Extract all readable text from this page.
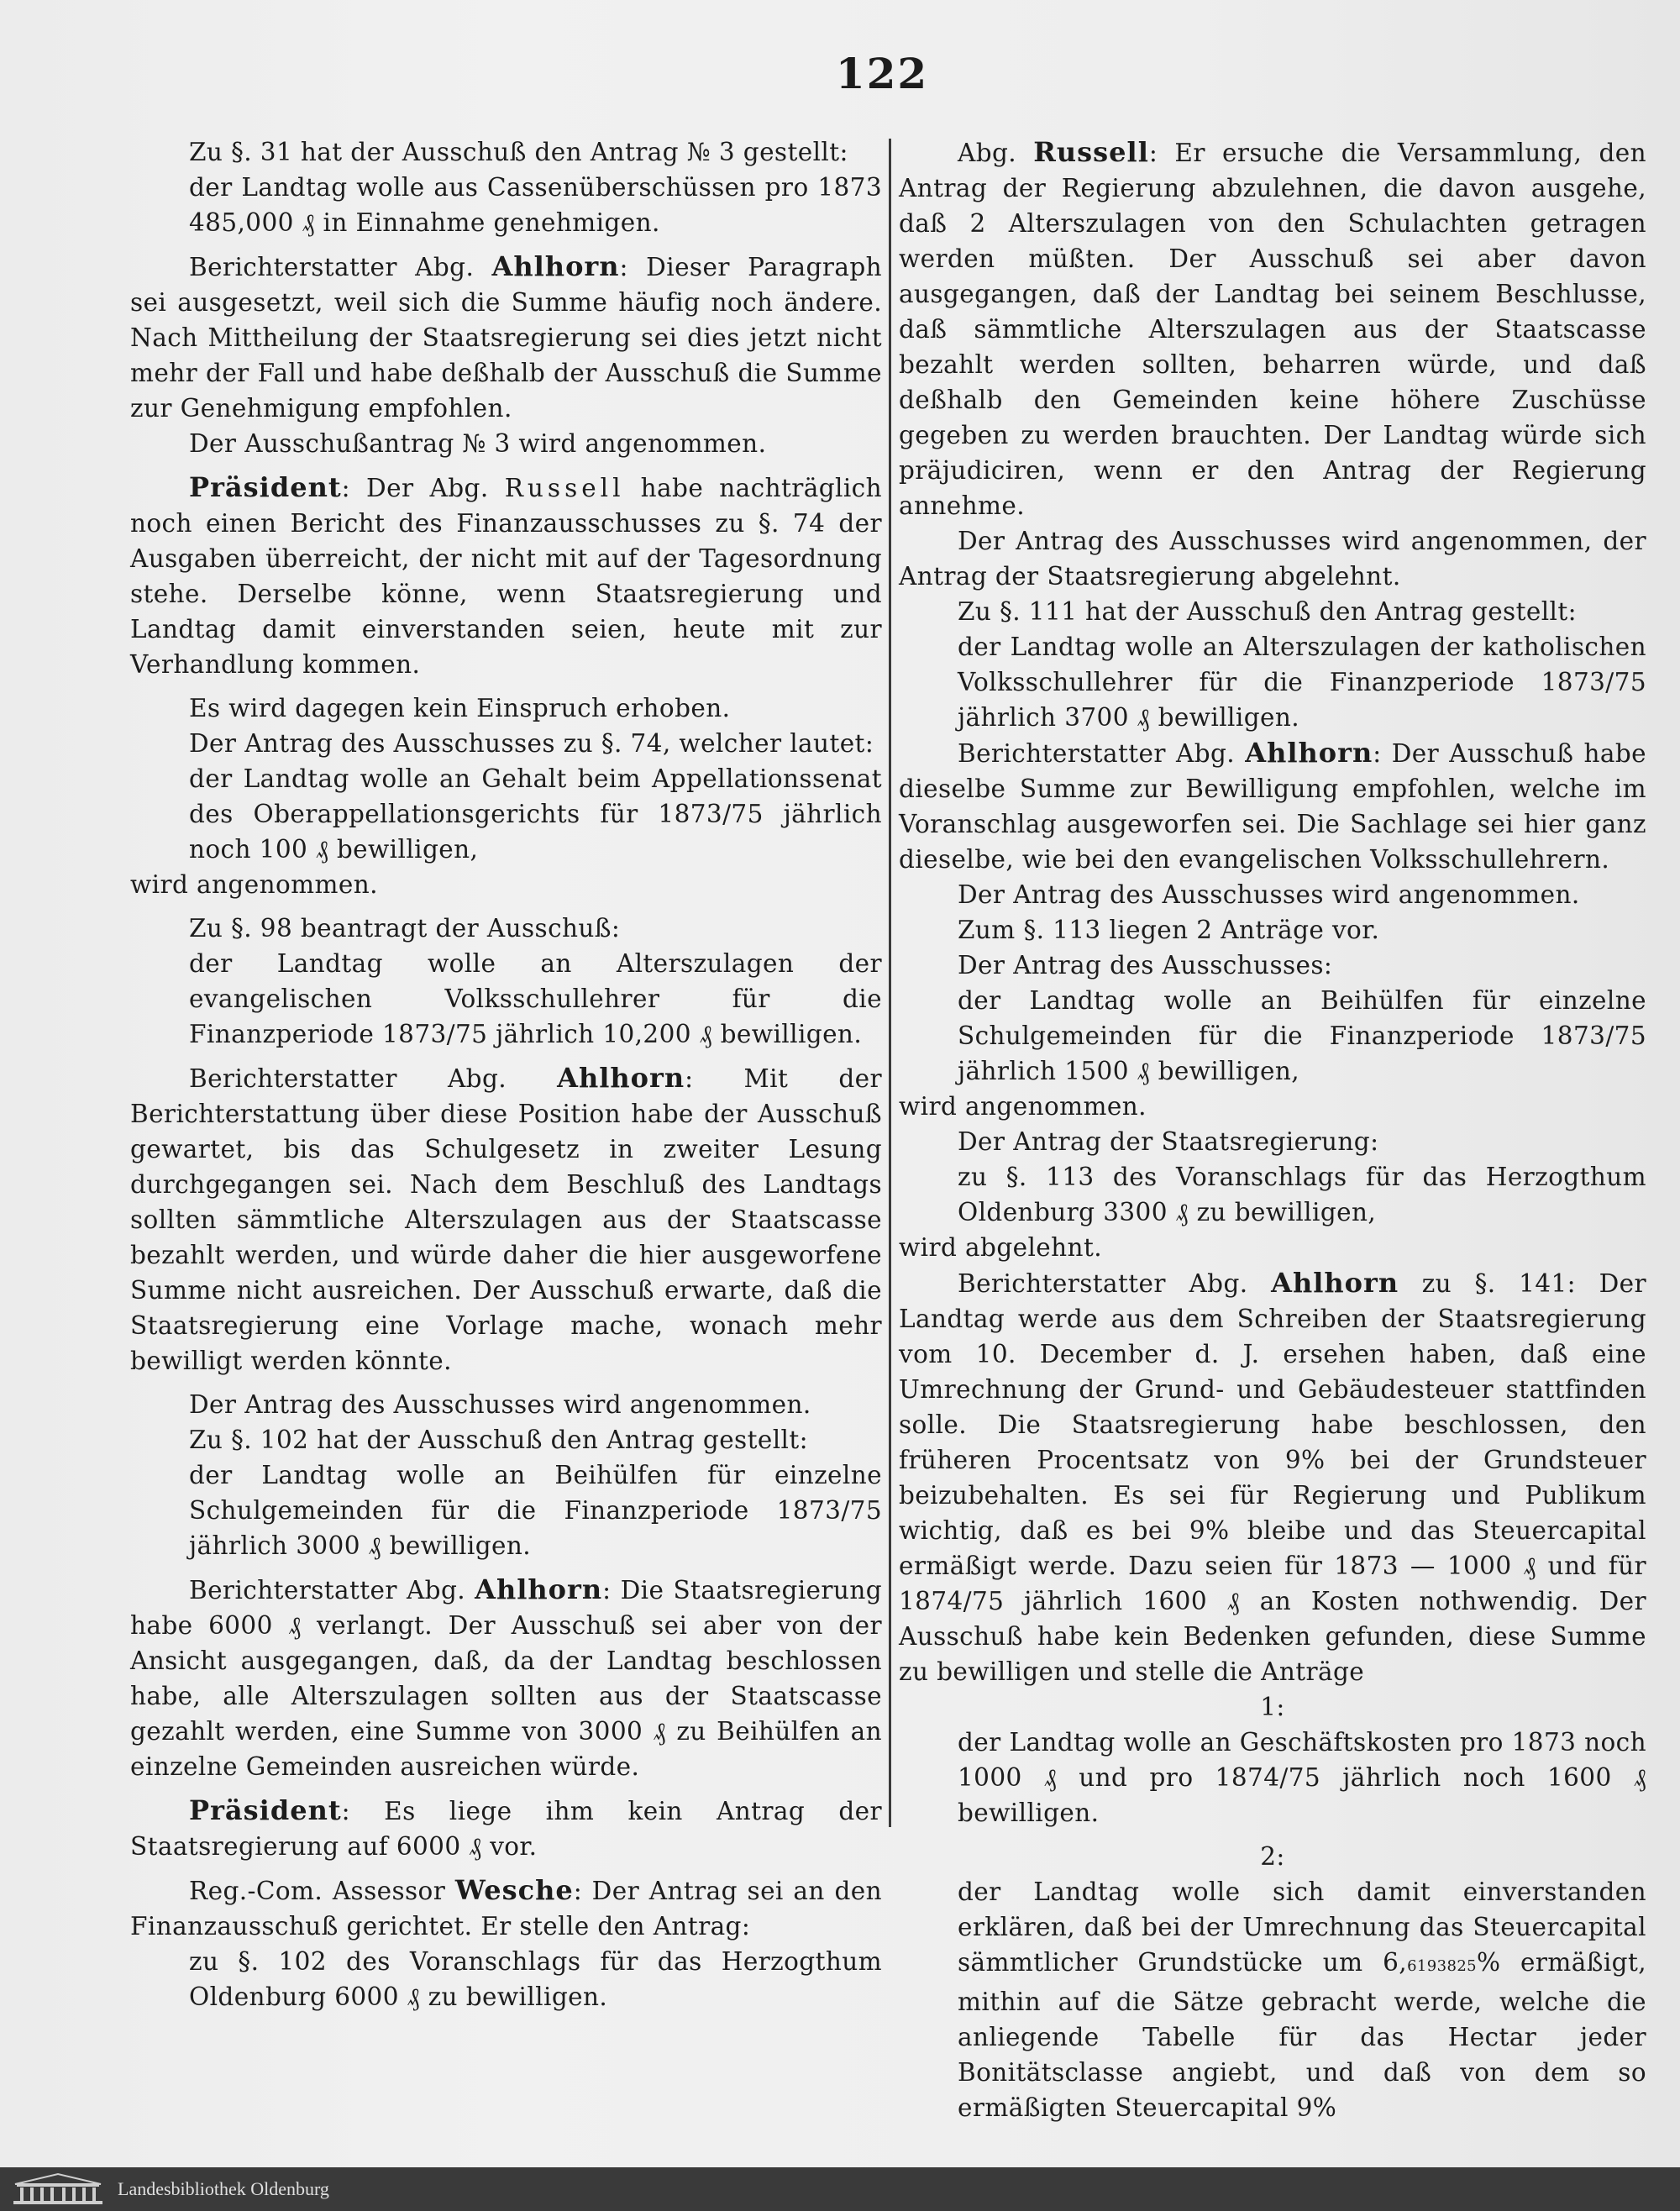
122

Zu §. 31 hat der Ausschuß den Antrag № 3 gestellt:

der Landtag wolle aus Cassenüberschüssen pro 1873 485,000 ₰ in Einnahme genehmigen.

Berichterstatter Abg. Ahlhorn: Dieser Paragraph sei ausgesetzt, weil sich die Summe häufig noch ändere. Nach Mittheilung der Staatsregierung sei dies jetzt nicht mehr der Fall und habe deßhalb der Ausschuß die Summe zur Genehmigung empfohlen.

Der Ausschußantrag № 3 wird angenommen.

Präsident: Der Abg. Russell habe nachträglich noch einen Bericht des Finanzausschusses zu §. 74 der Ausgaben überreicht, der nicht mit auf der Tagesordnung stehe. Derselbe könne, wenn Staatsregierung und Landtag damit einverstanden seien, heute mit zur Verhandlung kommen.

Es wird dagegen kein Einspruch erhoben.

Der Antrag des Ausschusses zu §. 74, welcher lautet:

der Landtag wolle an Gehalt beim Appellationssenat des Oberappellationsgerichts für 1873/75 jährlich noch 100 ₰ bewilligen,

wird angenommen.

Zu §. 98 beantragt der Ausschuß:

der Landtag wolle an Alterszulagen der evangelischen Volksschullehrer für die Finanzperiode 1873/75 jährlich 10,200 ₰ bewilligen.

Berichterstatter Abg. Ahlhorn: Mit der Berichterstattung über diese Position habe der Ausschuß gewartet, bis das Schulgesetz in zweiter Lesung durchgegangen sei. Nach dem Beschluß des Landtags sollten sämmtliche Alterszulagen aus der Staatscasse bezahlt werden, und würde daher die hier ausgeworfene Summe nicht ausreichen. Der Ausschuß erwarte, daß die Staatsregierung eine Vorlage mache, wonach mehr bewilligt werden könnte.

Der Antrag des Ausschusses wird angenommen.

Zu §. 102 hat der Ausschuß den Antrag gestellt:

der Landtag wolle an Beihülfen für einzelne Schulgemeinden für die Finanzperiode 1873/75 jährlich 3000 ₰ bewilligen.

Berichterstatter Abg. Ahlhorn: Die Staatsregierung habe 6000 ₰ verlangt. Der Ausschuß sei aber von der Ansicht ausgegangen, daß, da der Landtag beschlossen habe, alle Alterszulagen sollten aus der Staatscasse gezahlt werden, eine Summe von 3000 ₰ zu Beihülfen an einzelne Gemeinden ausreichen würde.

Präsident: Es liege ihm kein Antrag der Staatsregierung auf 6000 ₰ vor.

Reg.-Com. Assessor Wesche: Der Antrag sei an den Finanzausschuß gerichtet. Er stelle den Antrag:

zu §. 102 des Voranschlags für das Herzogthum Oldenburg 6000 ₰ zu bewilligen.

Abg. Russell: Er ersuche die Versammlung, den Antrag der Regierung abzulehnen, die davon ausgehe, daß 2 Alterszulagen von den Schulachten getragen werden müßten. Der Ausschuß sei aber davon ausgegangen, daß der Landtag bei seinem Beschlusse, daß sämmtliche Alterszulagen aus der Staatscasse bezahlt werden sollten, beharren würde, und daß deßhalb den Gemeinden keine höhere Zuschüsse gegeben zu werden brauchten. Der Landtag würde sich präjudiciren, wenn er den Antrag der Regierung annehme.

Der Antrag des Ausschusses wird angenommen, der Antrag der Staatsregierung abgelehnt.

Zu §. 111 hat der Ausschuß den Antrag gestellt:

der Landtag wolle an Alterszulagen der katholischen Volksschullehrer für die Finanzperiode 1873/75 jährlich 3700 ₰ bewilligen.

Berichterstatter Abg. Ahlhorn: Der Ausschuß habe dieselbe Summe zur Bewilligung empfohlen, welche im Voranschlag ausgeworfen sei. Die Sachlage sei hier ganz dieselbe, wie bei den evangelischen Volksschullehrern.

Der Antrag des Ausschusses wird angenommen.

Zum §. 113 liegen 2 Anträge vor.

Der Antrag des Ausschusses:

der Landtag wolle an Beihülfen für einzelne Schulgemeinden für die Finanzperiode 1873/75 jährlich 1500 ₰ bewilligen,

wird angenommen.

Der Antrag der Staatsregierung:

zu §. 113 des Voranschlags für das Herzogthum Oldenburg 3300 ₰ zu bewilligen,

wird abgelehnt.

Berichterstatter Abg. Ahlhorn zu §. 141: Der Landtag werde aus dem Schreiben der Staatsregierung vom 10. December d. J. ersehen haben, daß eine Umrechnung der Grund- und Gebäudesteuer stattfinden solle. Die Staatsregierung habe beschlossen, den früheren Procentsatz von 9% bei der Grundsteuer beizubehalten. Es sei für Regierung und Publikum wichtig, daß es bei 9% bleibe und das Steuercapital ermäßigt werde. Dazu seien für 1873 — 1000 ₰ und für 1874/75 jährlich 1600 ₰ an Kosten nothwendig. Der Ausschuß habe kein Bedenken gefunden, diese Summe zu bewilligen und stelle die Anträge

1:

der Landtag wolle an Geschäftskosten pro 1873 noch 1000 ₰ und pro 1874/75 jährlich noch 1600 ₰ bewilligen.

2:

der Landtag wolle sich damit einverstanden erklären, daß bei der Umrechnung das Steuercapital sämmtlicher Grundstücke um 6,6193825% ermäßigt, mithin auf die Sätze gebracht werde, welche die anliegende Tabelle für das Hectar jeder Bonitätsclasse angiebt, und daß von dem so ermäßigten Steuercapital 9%

Landesbibliothek Oldenburg
